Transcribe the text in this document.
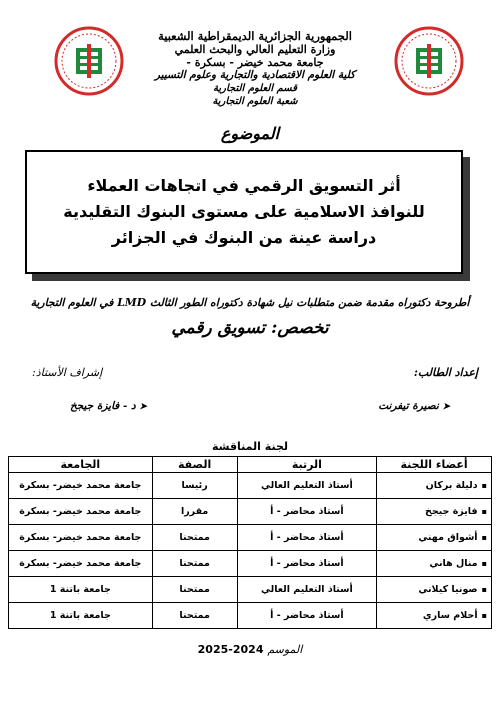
الجمهورية الجزائرية الديمقراطية الشعبية
وزارة التعليم العالي والبحث العلمي
جامعة محمد خيضر - بسكرة -
كلية العلوم الاقتصادية والتجارية وعلوم التسيير
قسم العلوم التجارية
شعبة العلوم التجارية
الموضوع
أثر التسويق الرقمي في اتجاهات العملاء
للنوافذ الاسلامية على مستوى البنوك التقليدية
دراسة عينة من البنوك في الجزائر
أطروحة دكتوراه مقدمة ضمن متطلبات نيل شهادة دكتوراه الطور الثالث LMD في العلوم التجارية
تخصص: تسويق رقمي
إعداد الطالب:
إشراف الأستاذ:
➤ نصيرة تيفرنت
➤ د - فايزة جيجخ
لجنة المناقشة
أعضاء اللجنة	الرتبة	الصفة	الجامعة
▪دليلة بركان	أستاذ التعليم العالي	رئيسا	جامعة محمد خيضر- بسكرة
▪فايزة جيجخ	أستاذ محاضر - أ	مقررا	جامعة محمد خيضر- بسكرة
▪أشواق مهني	أستاذ محاضر - أ	ممتحنا	جامعة محمد خيضر- بسكرة
▪منال هاني	أستاذ محاضر - أ	ممتحنا	جامعة محمد خيضر- بسكرة
▪صونيا كيلاني	أستاذ التعليم العالي	ممتحنا	جامعة باتنة 1
▪أحلام ساري	أستاذ محاضر - أ	ممتحنا	جامعة باتنة 1
الموسم 2024-2025
